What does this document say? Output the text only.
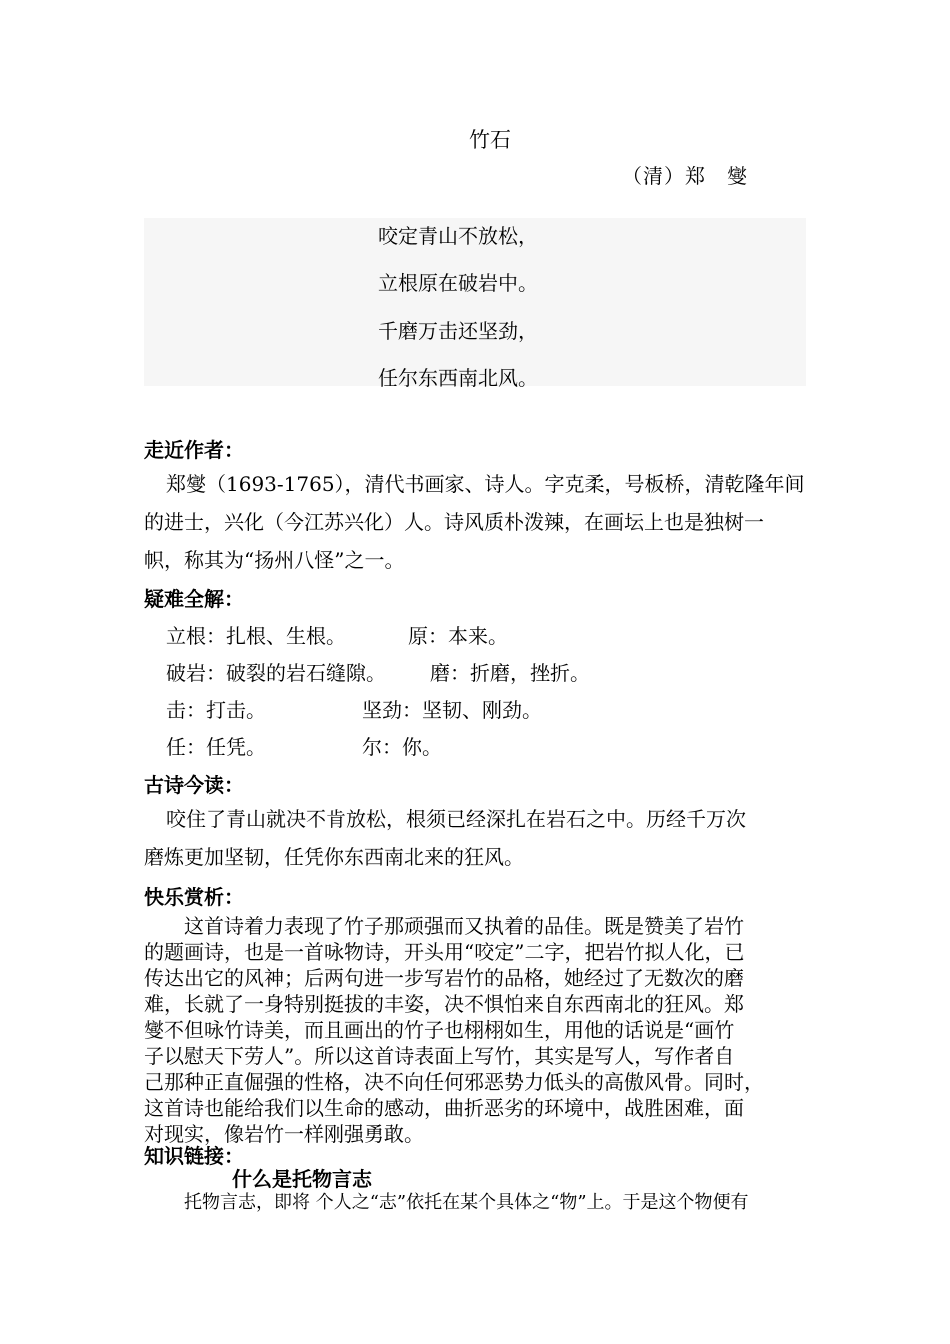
竹石
（清）郑　燮
咬定青山不放松，
立根原在破岩中。
千磨万击还坚劲，
任尔东西南北风。
走近作者：
郑燮（1693-1765），清代书画家、诗人。字克柔，号板桥，清乾隆年间
的进士，兴化（今江苏兴化）人。诗风质朴泼辣，在画坛上也是独树一
帜，称其为“扬州八怪”之一。
疑难全解：
立根：扎根、生根。	原：本来。
破岩：破裂的岩石缝隙。 磨：折磨，挫折。
击：打击。	坚劲：坚韧、刚劲。
任：任凭。	尔：你。
古诗今读：
咬住了青山就决不肯放松，根须已经深扎在岩石之中。历经千万次
磨炼更加坚韧，任凭你东西南北来的狂风。
快乐赏析：
　这首诗着力表现了竹子那顽强而又执着的品佳。既是赞美了岩竹
的题画诗，也是一首咏物诗，开头用“咬定”二字，把岩竹拟人化，已
传达出它的风神；后两句进一步写岩竹的品格，她经过了无数次的磨
难，长就了一身特别挺拔的丰姿，决不惧怕来自东西南北的狂风。郑
燮不但咏竹诗美，而且画出的竹子也栩栩如生，用他的话说是“画竹
子以慰天下劳人”。所以这首诗表面上写竹，其实是写人，写作者自
己那种正直倔强的性格，决不向任何邪恶势力低头的高傲风骨。同时，
这首诗也能给我们以生命的感动，曲折恶劣的环境中，战胜困难，面
对现实，像岩竹一样刚强勇敢。
知识链接：
什么是托物言志
托物言志，即将 个人之“志”依托在某个具体之“物”上。于是这个物便有
